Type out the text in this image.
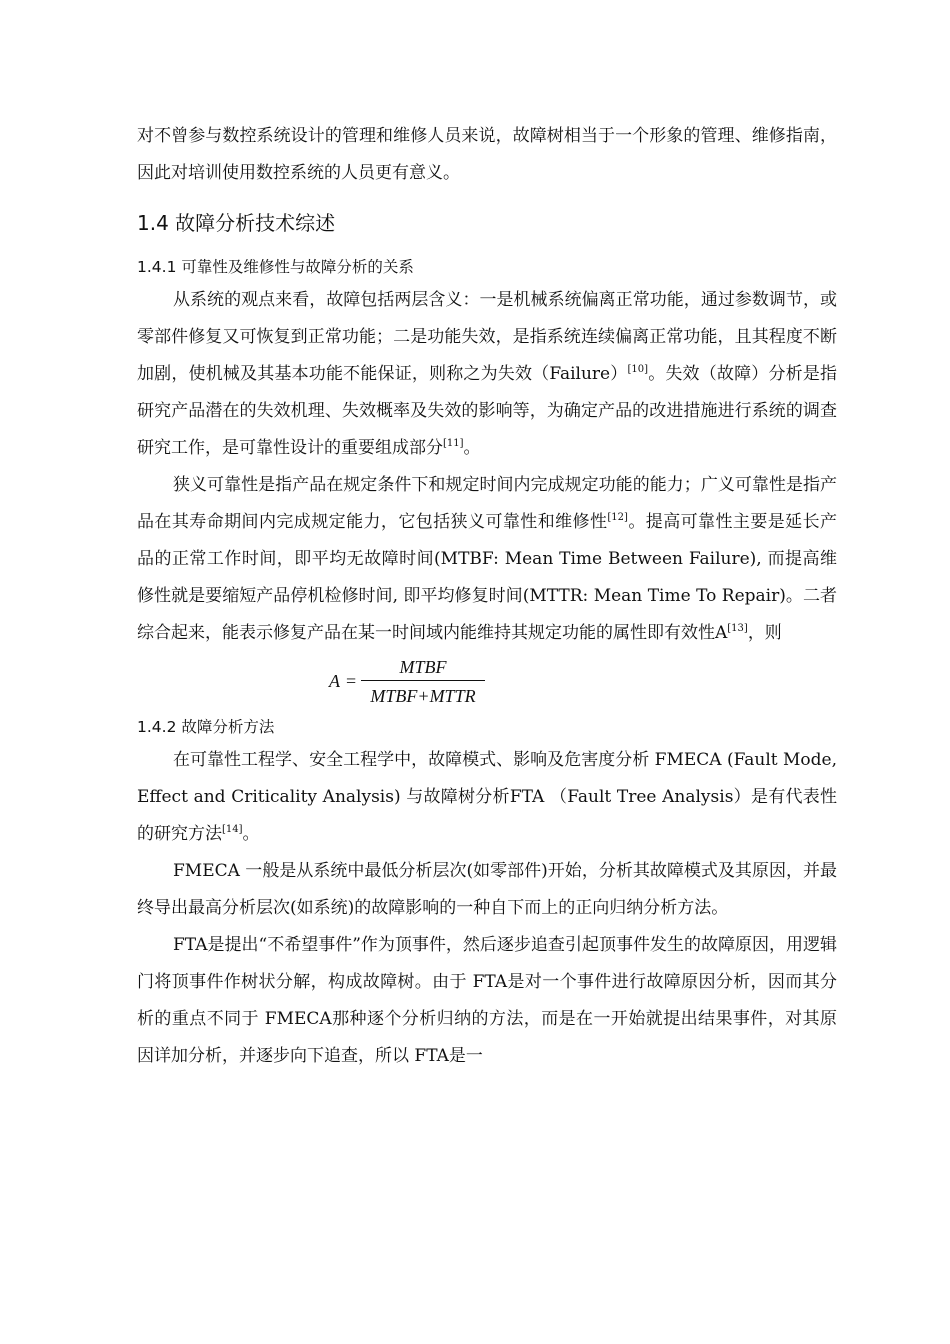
对不曾参与数控系统设计的管理和维修人员来说，故障树相当于一个形象的管理、维修指南，因此对培训使用数控系统的人员更有意义。

1.4 故障分析技术综述
1.4.1 可靠性及维修性与故障分析的关系

从系统的观点来看，故障包括两层含义：一是机械系统偏离正常功能，通过参数调节，或零部件修复又可恢复到正常功能；二是功能失效，是指系统连续偏离正常功能，且其程度不断加剧，使机械及其基本功能不能保证，则称之为失效（Failure）[10]。失效（故障）分析是指研究产品潜在的失效机理、失效概率及失效的影响等，为确定产品的改进措施进行系统的调查研究工作，是可靠性设计的重要组成部分[11]。

狭义可靠性是指产品在规定条件下和规定时间内完成规定功能的能力；广义可靠性是指产品在其寿命期间内完成规定能力，它包括狭义可靠性和维修性[12]。提高可靠性主要是延长产品的正常工作时间，即平均无故障时间(MTBF: Mean Time Between Failure), 而提高维修性就是要缩短产品停机检修时间, 即平均修复时间(MTTR: Mean Time To Repair)。二者综合起来，能表示修复产品在某一时间域内能维持其规定功能的属性即有效性A[13]，则

A =
MTBF
MTBF+MTTR
1.4.2 故障分析方法

在可靠性工程学、安全工程学中，故障模式、影响及危害度分析 FMECA (Fault Mode, Effect and Criticality Analysis) 与故障树分析FTA （Fault Tree Analysis）是有代表性的研究方法[14]。

FMECA 一般是从系统中最低分析层次(如零部件)开始，分析其故障模式及其原因，并最终导出最高分析层次(如系统)的故障影响的一种自下而上的正向归纳分析方法。

FTA是提出“不希望事件”作为顶事件，然后逐步追查引起顶事件发生的故障原因，用逻辑门将顶事件作树状分解，构成故障树。由于 FTA是对一个事件进行故障原因分析，因而其分析的重点不同于 FMECA那种逐个分析归纳的方法，而是在一开始就提出结果事件，对其原因详加分析，并逐步向下追查，所以 FTA是一
